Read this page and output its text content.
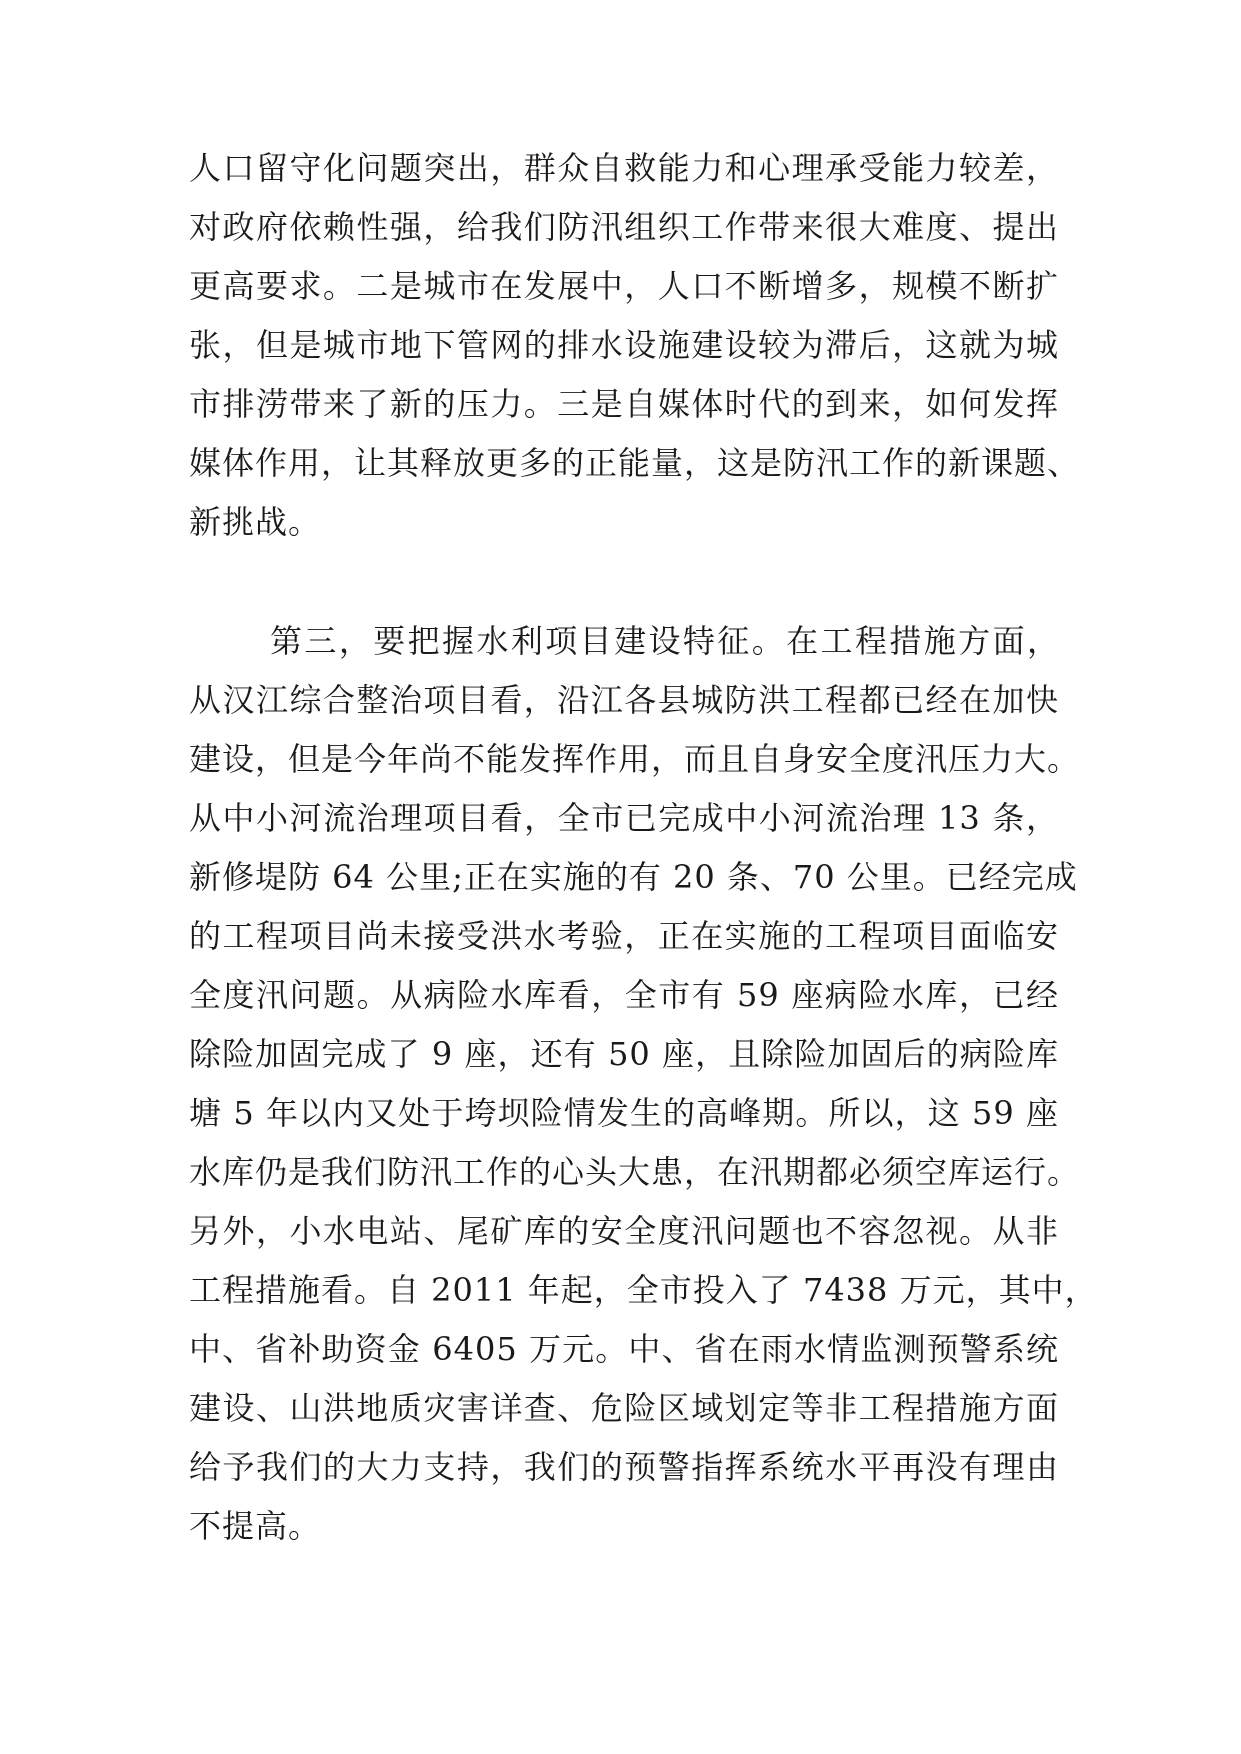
人口留守化问题突出，群众自救能力和心理承受能力较差，
对政府依赖性强，给我们防汛组织工作带来很大难度、提出
更高要求。二是城市在发展中，人口不断增多，规模不断扩
张，但是城市地下管网的排水设施建设较为滞后，这就为城
市排涝带来了新的压力。三是自媒体时代的到来，如何发挥
媒体作用，让其释放更多的正能量，这是防汛工作的新课题、
新挑战。
第三，要把握水利项目建设特征。在工程措施方面，
从汉江综合整治项目看，沿江各县城防洪工程都已经在加快
建设，但是今年尚不能发挥作用，而且自身安全度汛压力大。
从中小河流治理项目看，全市已完成中小河流治理 13 条，
新修堤防 64 公里;正在实施的有 20 条、70 公里。已经完成
的工程项目尚未接受洪水考验，正在实施的工程项目面临安
全度汛问题。从病险水库看，全市有 59 座病险水库，已经
除险加固完成了 9 座，还有 50 座，且除险加固后的病险库
塘 5 年以内又处于垮坝险情发生的高峰期。所以，这 59 座
水库仍是我们防汛工作的心头大患，在汛期都必须空库运行。
另外，小水电站、尾矿库的安全度汛问题也不容忽视。从非
工程措施看。自 2011 年起，全市投入了 7438 万元，其中，
中、省补助资金 6405 万元。中、省在雨水情监测预警系统
建设、山洪地质灾害详查、危险区域划定等非工程措施方面
给予我们的大力支持，我们的预警指挥系统水平再没有理由
不提高。
